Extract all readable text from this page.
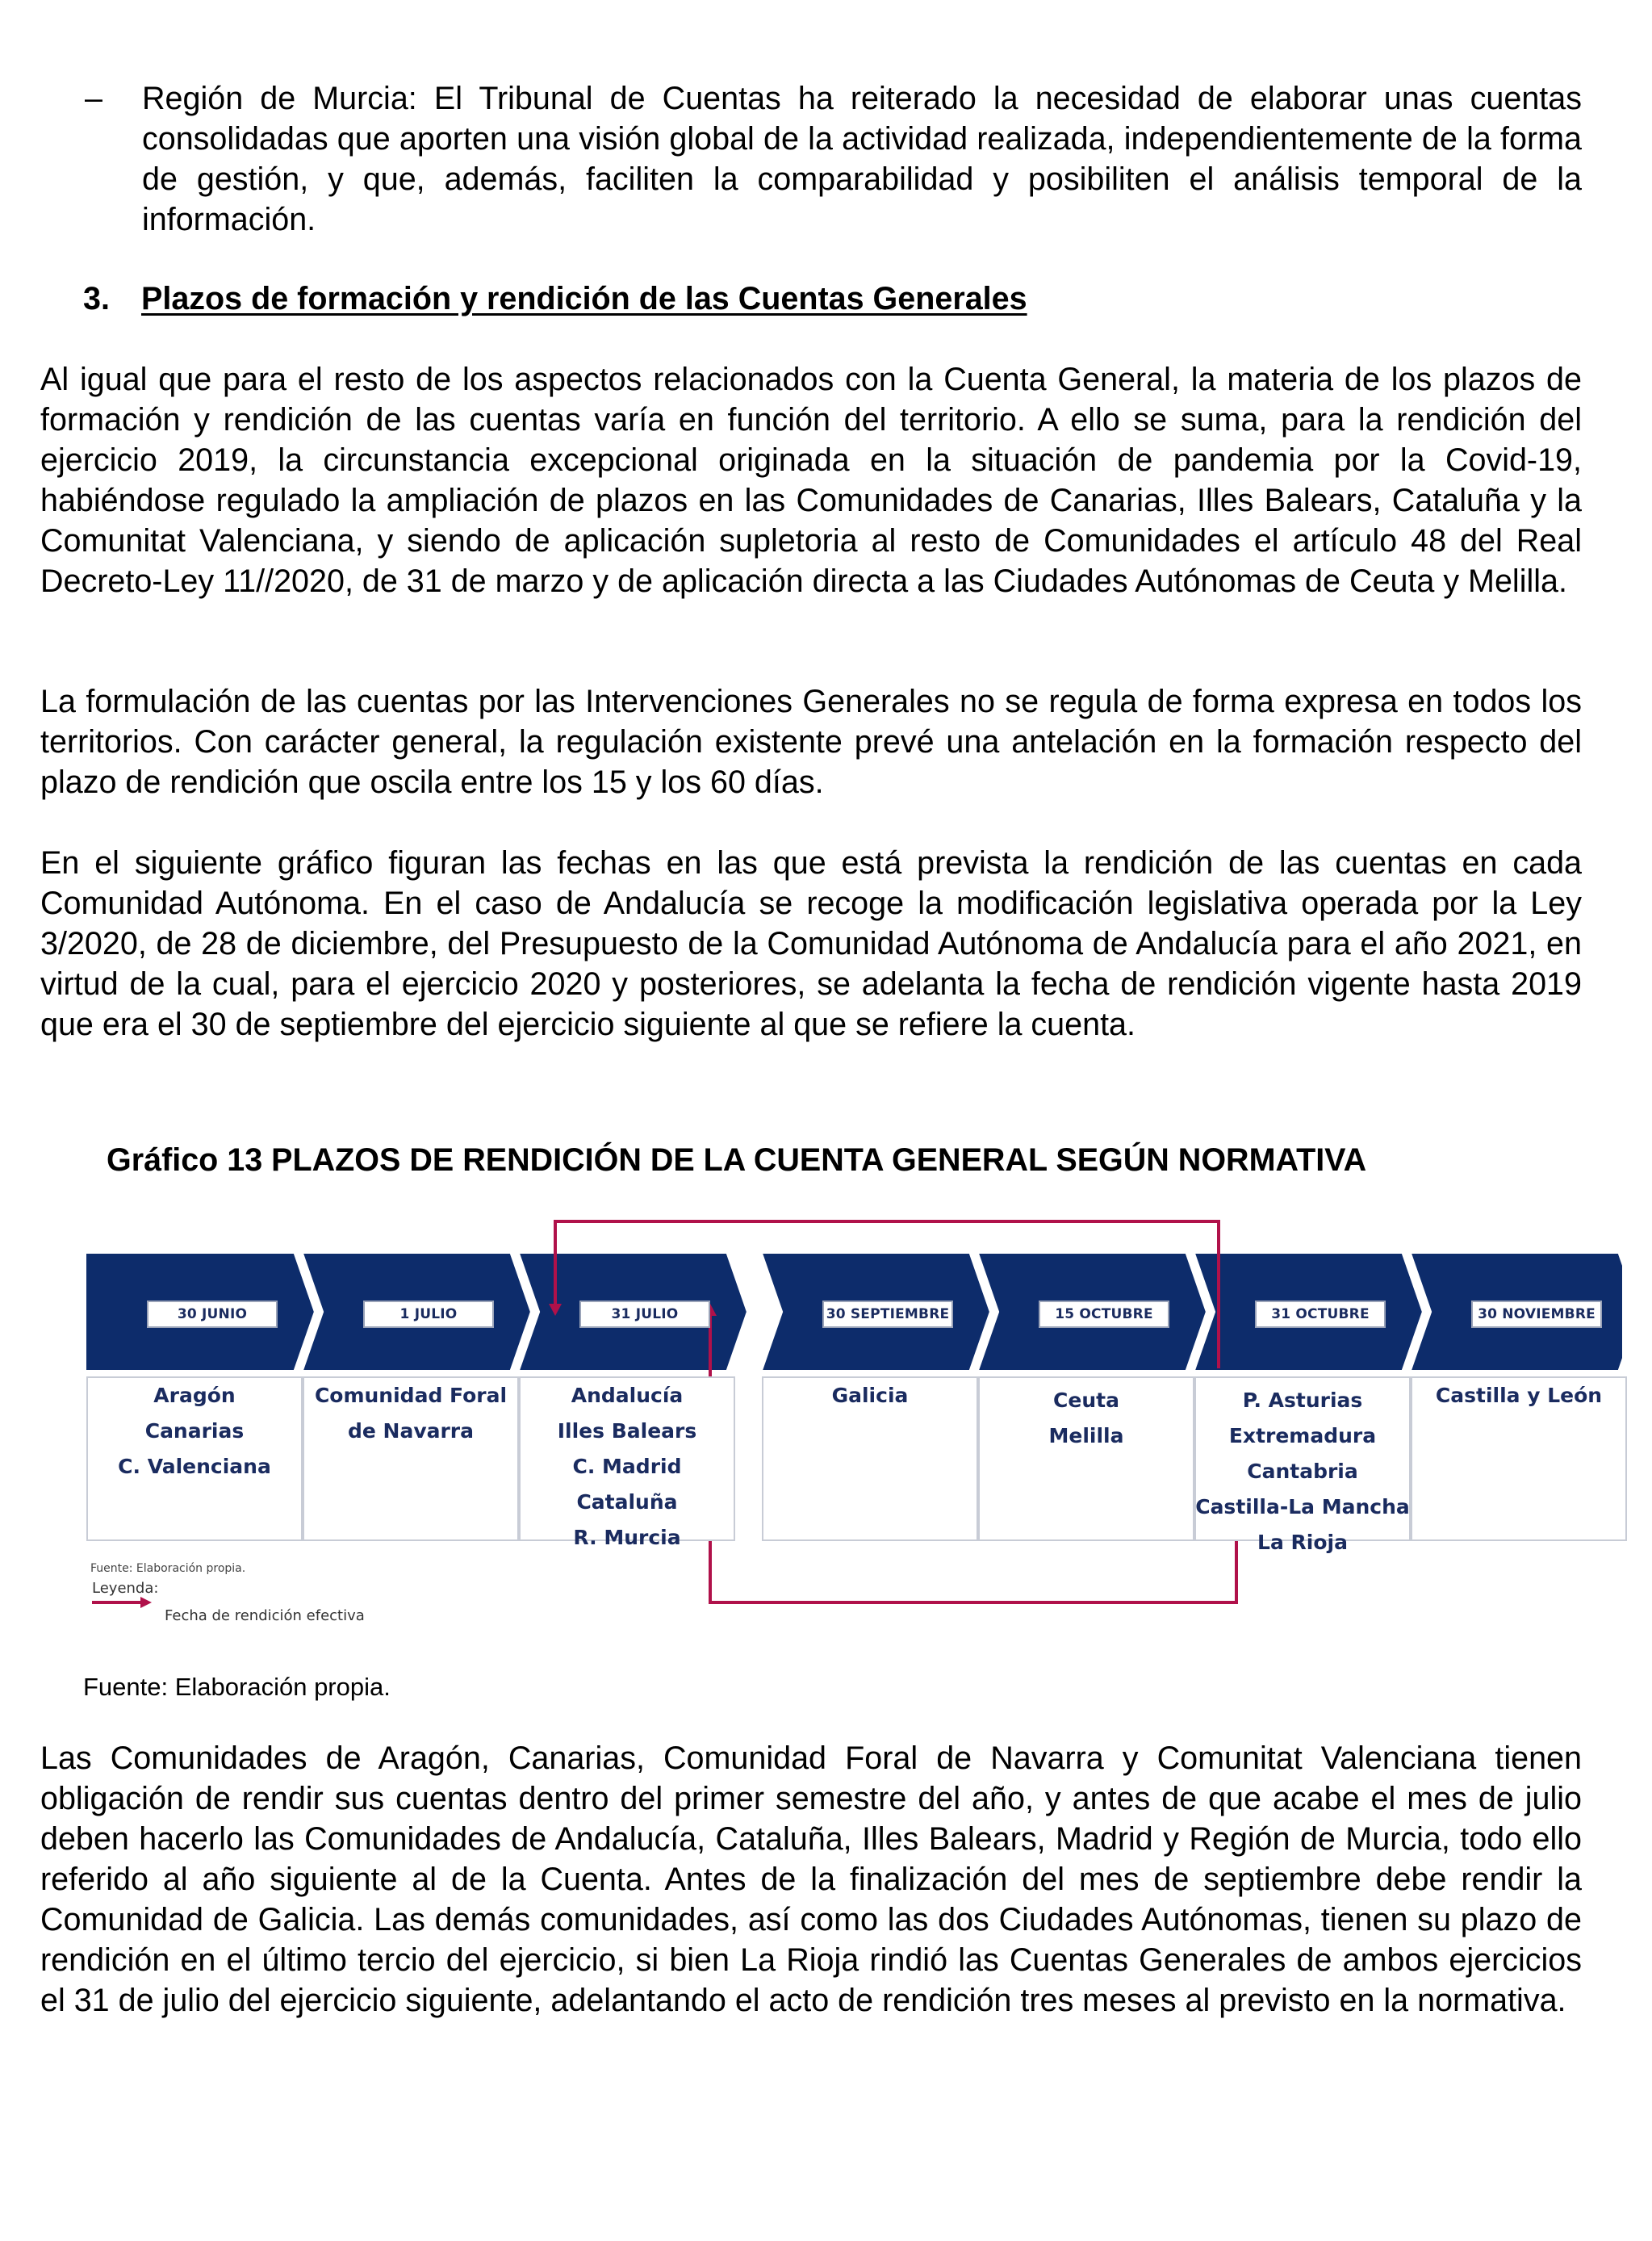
– Región de Murcia: El Tribunal de Cuentas ha reiterado la necesidad de elaborar unas cuentas consolidadas que aporten una visión global de la actividad realizada, independientemente de la forma de gestión, y que, además, faciliten la comparabilidad y posibiliten el análisis temporal de la información.

3. Plazos de formación y rendición de las Cuentas Generales

Al igual que para el resto de los aspectos relacionados con la Cuenta General, la materia de los plazos de formación y rendición de las cuentas varía en función del territorio. A ello se suma, para la rendición del ejercicio 2019, la circunstancia excepcional originada en la situación de pandemia por la Covid-19, habiéndose regulado la ampliación de plazos en las Comunidades de Canarias, Illes Balears, Cataluña y la Comunitat Valenciana, y siendo de aplicación supletoria al resto de Comunidades el artículo 48 del Real Decreto-Ley 11//2020, de 31 de marzo y de aplicación directa a las Ciudades Autónomas de Ceuta y Melilla.

La formulación de las cuentas por las Intervenciones Generales no se regula de forma expresa en todos los territorios. Con carácter general, la regulación existente prevé una antelación en la formación respecto del plazo de rendición que oscila entre los 15 y los 60 días.

En el siguiente gráfico figuran las fechas en las que está prevista la rendición de las cuentas en cada Comunidad Autónoma. En el caso de Andalucía se recoge la modificación legislativa operada por la Ley 3/2020, de 28 de diciembre, del Presupuesto de la Comunidad Autónoma de Andalucía para el año 2021, en virtud de la cual, para el ejercicio 2020 y posteriores, se adelanta la fecha de rendición vigente hasta 2019 que era el 30 de septiembre del ejercicio siguiente al que se refiere la cuenta.

Gráfico 13 PLAZOS DE RENDICIÓN DE LA CUENTA GENERAL SEGÚN NORMATIVA
30 JUNIO
Aragón
Canarias
C. Valenciana
1 JULIO
Comunidad Foral
de Navarra
31 JULIO
Andalucía
Illes Balears
C. Madrid
Cataluña
R. Murcia
30 SEPTIEMBRE
Galicia
15 OCTUBRE
Ceuta
Melilla
31 OCTUBRE
P. Asturias
Extremadura
Cantabria
Castilla-La Mancha
La Rioja
30 NOVIEMBRE
Castilla y León
Fuente: Elaboración propia.
Leyenda:
Fecha de rendición efectiva
Fuente: Elaboración propia.

Las Comunidades de Aragón, Canarias, Comunidad Foral de Navarra y Comunitat Valenciana tienen obligación de rendir sus cuentas dentro del primer semestre del año, y antes de que acabe el mes de julio deben hacerlo las Comunidades de Andalucía, Cataluña, Illes Balears, Madrid y Región de Murcia, todo ello referido al año siguiente al de la Cuenta. Antes de la finalización del mes de septiembre debe rendir la Comunidad de Galicia. Las demás comunidades, así como las dos Ciudades Autónomas, tienen su plazo de rendición en el último tercio del ejercicio, si bien La Rioja rindió las Cuentas Generales de ambos ejercicios el 31 de julio del ejercicio siguiente, adelantando el acto de rendición tres meses al previsto en la normativa.
